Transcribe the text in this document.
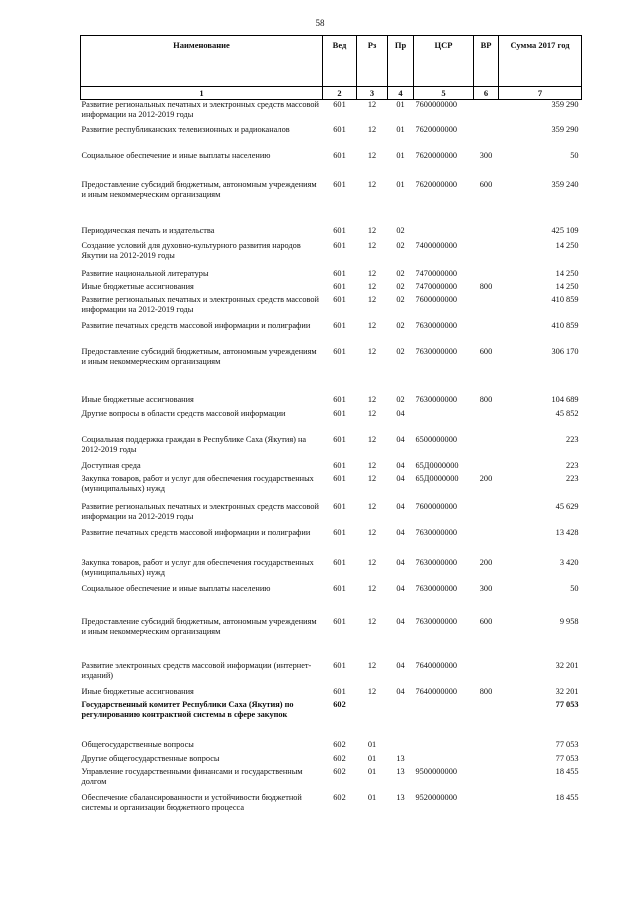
58
Наименование	Вед	Рз	Пр	ЦСР	ВР	Сумма 2017 год
1	2	3	4	5	6	7
Развитие региональных печатных и электронных средств массовой информации на 2012-2019 годы	601	12	01	7600000000		359 290
Развитие республиканских телевизионных и радиоканалов	601	12	01	7620000000		359 290
Социальное обеспечение и иные выплаты населению	601	12	01	7620000000	300	50
Предоставление субсидий бюджетным, автономным учреждениям и иным некоммерческим организациям	601	12	01	7620000000	600	359 240
Периодическая печать и издательства	601	12	02			425 109
Создание условий для духовно-культурного развития народов Якутии на 2012-2019 годы	601	12	02	7400000000		14 250
Развитие национальной литературы	601	12	02	7470000000		14 250
Иные бюджетные ассигнования	601	12	02	7470000000	800	14 250
Развитие региональных печатных и электронных средств массовой информации на 2012-2019 годы	601	12	02	7600000000		410 859
Развитие печатных средств массовой информации и полиграфии	601	12	02	7630000000		410 859
Предоставление субсидий бюджетным, автономным учреждениям и иным некоммерческим организациям	601	12	02	7630000000	600	306 170
Иные бюджетные ассигнования	601	12	02	7630000000	800	104 689
Другие вопросы в области средств массовой информации	601	12	04			45 852
Социальная поддержка граждан в Республике Саха (Якутия) на 2012-2019 годы	601	12	04	6500000000		223
Доступная среда	601	12	04	65Д0000000		223
Закупка товаров, работ и услуг для обеспечения государственных (муниципальных) нужд	601	12	04	65Д0000000	200	223
Развитие региональных печатных и электронных средств массовой информации на 2012-2019 годы	601	12	04	7600000000		45 629
Развитие печатных средств массовой информации и полиграфии	601	12	04	7630000000		13 428
Закупка товаров, работ и услуг для обеспечения государственных (муниципальных) нужд	601	12	04	7630000000	200	3 420
Социальное обеспечение и иные выплаты населению	601	12	04	7630000000	300	50
Предоставление субсидий бюджетным, автономным учреждениям и иным некоммерческим организациям	601	12	04	7630000000	600	9 958
Развитие электронных средств массовой информации (интернет-изданий)	601	12	04	7640000000		32 201
Иные бюджетные ассигнования	601	12	04	7640000000	800	32 201
Государственный комитет Республики Саха (Якутия) по регулированию контрактной системы в сфере закупок	602					77 053
Общегосударственные вопросы	602	01				77 053
Другие общегосударственные вопросы	602	01	13			77 053
Управление государственными финансами и государственным долгом	602	01	13	9500000000		18 455
Обеспечение сбалансированности и устойчивости бюджетной системы и организации бюджетного процесса	602	01	13	9520000000		18 455
